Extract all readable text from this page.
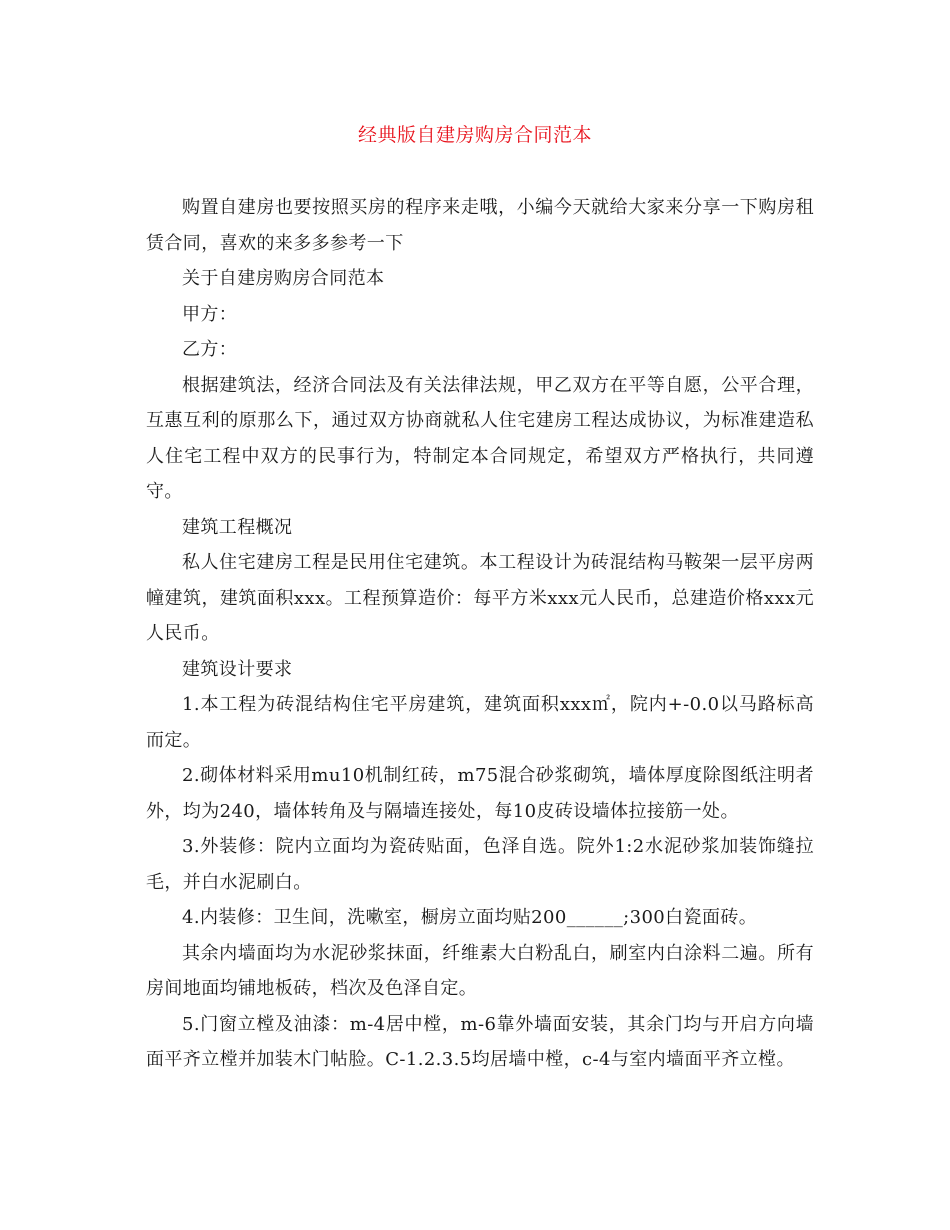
经典版自建房购房合同范本

购置自建房也要按照买房的程序来走哦，小编今天就给大家来分享一下购房租赁合同，喜欢的来多多参考一下

关于自建房购房合同范本

甲方：

乙方：

根据建筑法，经济合同法及有关法律法规，甲乙双方在平等自愿，公平合理，互惠互利的原那么下，通过双方协商就私人住宅建房工程达成协议，为标准建造私人住宅工程中双方的民事行为，特制定本合同规定，希望双方严格执行，共同遵守。

建筑工程概况

私人住宅建房工程是民用住宅建筑。本工程设计为砖混结构马鞍架一层平房两幢建筑，建筑面积xxx。工程预算造价：每平方米xxx元人民币，总建造价格xxx元人民币。

建筑设计要求

1.本工程为砖混结构住宅平房建筑，建筑面积xxx㎡，院内+-0.0以马路标高而定。

2.砌体材料采用mu10机制红砖，m75混合砂浆砌筑，墙体厚度除图纸注明者外，均为240，墙体转角及与隔墙连接处，每10皮砖设墙体拉接筋一处。

3.外装修：院内立面均为瓷砖贴面，色泽自选。院外1:2水泥砂浆加装饰缝拉毛，并白水泥刷白。

4.内装修：卫生间，洗嗽室，橱房立面均贴200______;300白瓷面砖。

其余内墙面均为水泥砂浆抹面，纤维素大白粉乱白，刷室内白涂料二遍。所有房间地面均铺地板砖，档次及色泽自定。

5.门窗立樘及油漆：m-4居中樘，m-6靠外墙面安装，其余门均与开启方向墙面平齐立樘并加装木门帖脸。C-1.2.3.5均居墙中樘，c-4与室内墙面平齐立樘。
